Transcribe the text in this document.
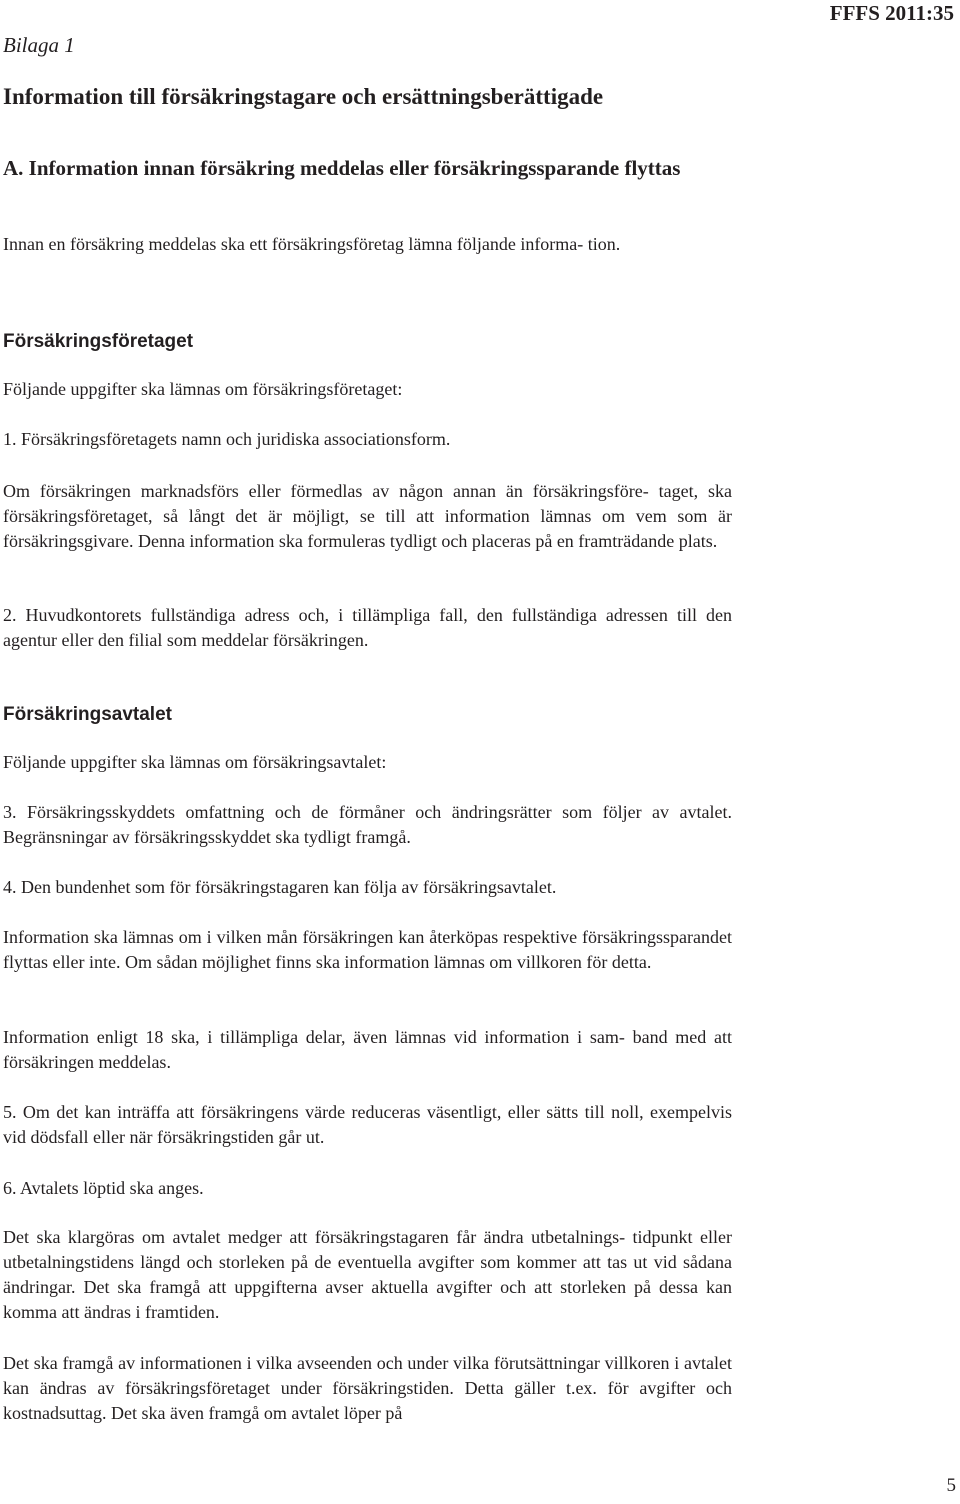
Bilaga 1

FFFS 2011:35

Information till försäkringstagare och ersättningsberättigade
A. Information innan försäkring meddelas eller försäkringssparande flyttas

Innan en försäkring meddelas ska ett försäkringsföretag lämna följande informa- tion.

Försäkringsföretaget

Följande uppgifter ska lämnas om försäkringsföretaget:

1. Försäkringsföretagets namn och juridiska associationsform.

Om försäkringen marknadsförs eller förmedlas av någon annan än försäkringsföre- taget, ska försäkringsföretaget, så långt det är möjligt, se till att information lämnas om vem som är försäkringsgivare. Denna information ska formuleras tydligt och placeras på en framträdande plats.

2. Huvudkontorets fullständiga adress och, i tillämpliga fall, den fullständiga adressen till den agentur eller den filial som meddelar försäkringen.

Försäkringsavtalet

Följande uppgifter ska lämnas om försäkringsavtalet:

3. Försäkringsskyddets omfattning och de förmåner och ändringsrätter som följer av avtalet. Begränsningar av försäkringsskyddet ska tydligt framgå.

4. Den bundenhet som för försäkringstagaren kan följa av försäkringsavtalet.

Information ska lämnas om i vilken mån försäkringen kan återköpas respektive försäkringssparandet flyttas eller inte. Om sådan möjlighet finns ska information lämnas om villkoren för detta.

Information enligt 18 ska, i tillämpliga delar, även lämnas vid information i sam- band med att försäkringen meddelas.

5. Om det kan inträffa att försäkringens värde reduceras väsentligt, eller sätts till noll, exempelvis vid dödsfall eller när försäkringstiden går ut.

6. Avtalets löptid ska anges.

Det ska klargöras om avtalet medger att försäkringstagaren får ändra utbetalnings- tidpunkt eller utbetalningstidens längd och storleken på de eventuella avgifter som kommer att tas ut vid sådana ändringar. Det ska framgå att uppgifterna avser aktuella avgifter och att storleken på dessa kan komma att ändras i framtiden.

Det ska framgå av informationen i vilka avseenden och under vilka förutsättningar villkoren i avtalet kan ändras av försäkringsföretaget under försäkringstiden. Detta gäller t.ex. för avgifter och kostnadsuttag. Det ska även framgå om avtalet löper på

5
